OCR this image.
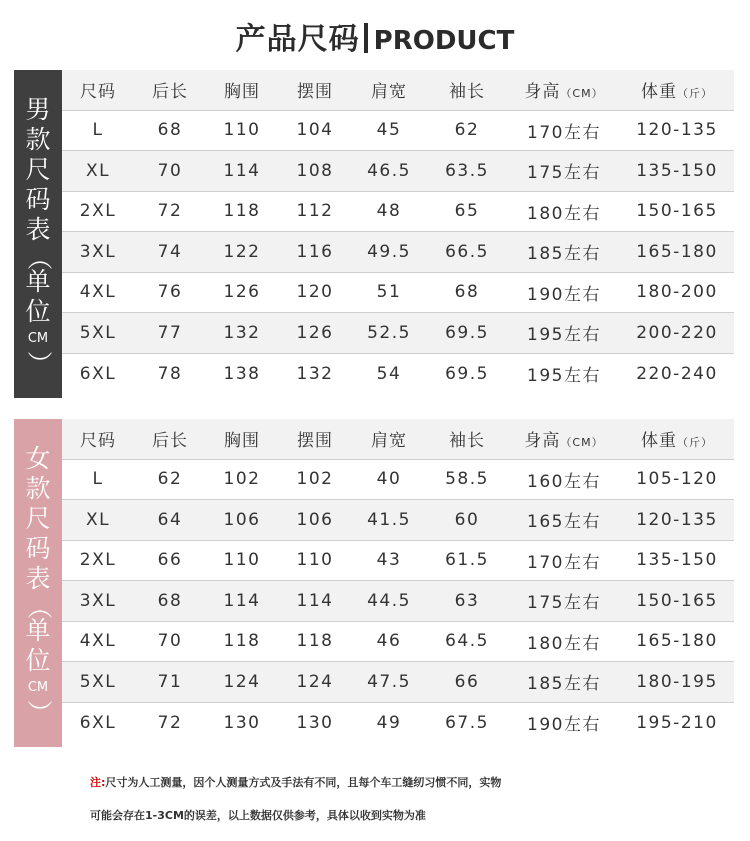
产品尺码 PRODUCT
男款尺码表
（
单位
CM
）
尺码	后长	胸围	摆围	肩宽	袖长	身高（CM）	体重（斤）
L	68	110	104	45	62	170左右	120-135
XL	70	114	108	46.5	63.5	175左右	135-150
2XL	72	118	112	48	65	180左右	150-165
3XL	74	122	116	49.5	66.5	185左右	165-180
4XL	76	126	120	51	68	190左右	180-200
5XL	77	132	126	52.5	69.5	195左右	200-220
6XL	78	138	132	54	69.5	195左右	220-240
女款尺码表
（
单位
CM
）
尺码	后长	胸围	摆围	肩宽	袖长	身高（CM）	体重（斤）
L	62	102	102	40	58.5	160左右	105-120
XL	64	106	106	41.5	60	165左右	120-135
2XL	66	110	110	43	61.5	170左右	135-150
3XL	68	114	114	44.5	63	175左右	150-165
4XL	70	118	118	46	64.5	180左右	165-180
5XL	71	124	124	47.5	66	185左右	180-195
6XL	72	130	130	49	67.5	190左右	195-210
注:尺寸为人工测量，因个人测量方式及手法有不同，且每个车工缝纫习惯不同，实物
可能会存在1-3CM的误差，以上数据仅供参考，具体以收到实物为准
